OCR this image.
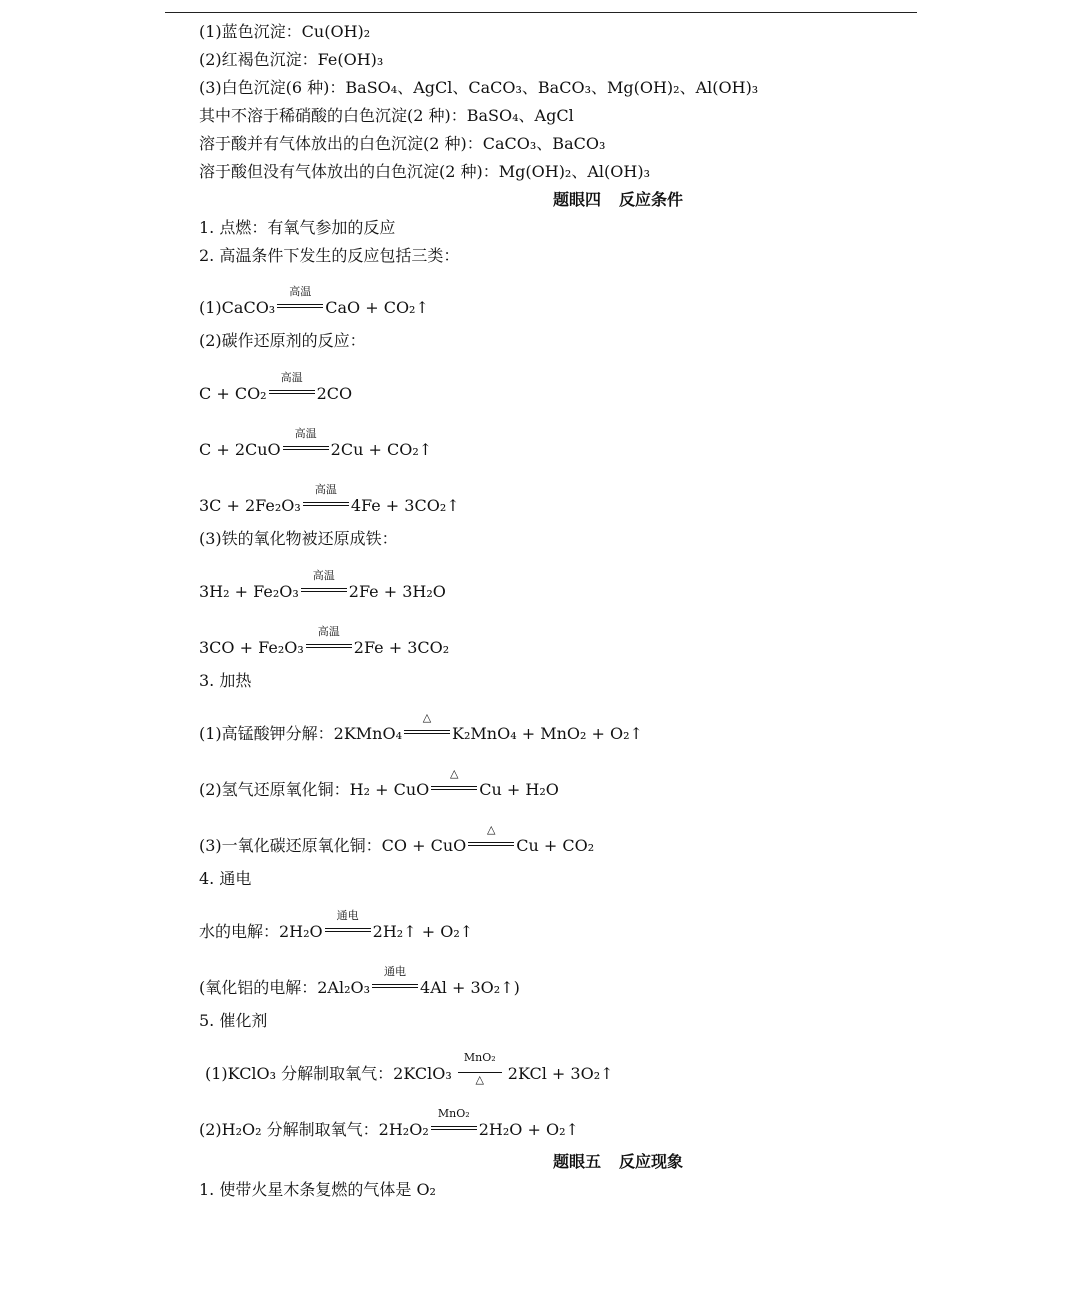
(1)蓝色沉淀：Cu(OH)₂
(2)红褐色沉淀：Fe(OH)₃
(3)白色沉淀(6 种)：BaSO₄、AgCl、CaCO₃、BaCO₃、Mg(OH)₂、Al(OH)₃
其中不溶于稀硝酸的白色沉淀(2 种)：BaSO₄、AgCl
溶于酸并有气体放出的白色沉淀(2 种)：CaCO₃、BaCO₃
溶于酸但没有气体放出的白色沉淀(2 种)：Mg(OH)₂、Al(OH)₃
题眼四 反应条件
1. 点燃：有氧气参加的反应
2. 高温条件下发生的反应包括三类：
(1)CaCO₃
高温
CaO + CO₂↑
(2)碳作还原剂的反应：
C + CO₂
高温
2CO
C + 2CuO
高温
2Cu + CO₂↑
3C + 2Fe₂O₃
高温
4Fe + 3CO₂↑
(3)铁的氧化物被还原成铁：
3H₂ + Fe₂O₃
高温
2Fe + 3H₂O
3CO + Fe₂O₃
高温
2Fe + 3CO₂
3. 加热
(1)高锰酸钾分解：2KMnO₄
△
K₂MnO₄ + MnO₂ + O₂↑
(2)氢气还原氧化铜：H₂ + CuO
△
Cu + H₂O
(3)一氧化碳还原氧化铜：CO + CuO
△
Cu + CO₂
4. 通电
水的电解：2H₂O
通电
2H₂↑ + O₂↑
(氧化铝的电解：2Al₂O₃
通电
4Al + 3O₂↑)
5. 催化剂
(1)KClO₃ 分解制取氧气：2KClO₃ $\frac{\text{MnO₂}}{\triangle} 2KCl$ + 3O₂↑
(2)H₂O₂ 分解制取氧气：2H₂O₂
MnO₂
2H₂O + O₂↑
题眼五 反应现象
1. 使带火星木条复燃的气体是 O₂
